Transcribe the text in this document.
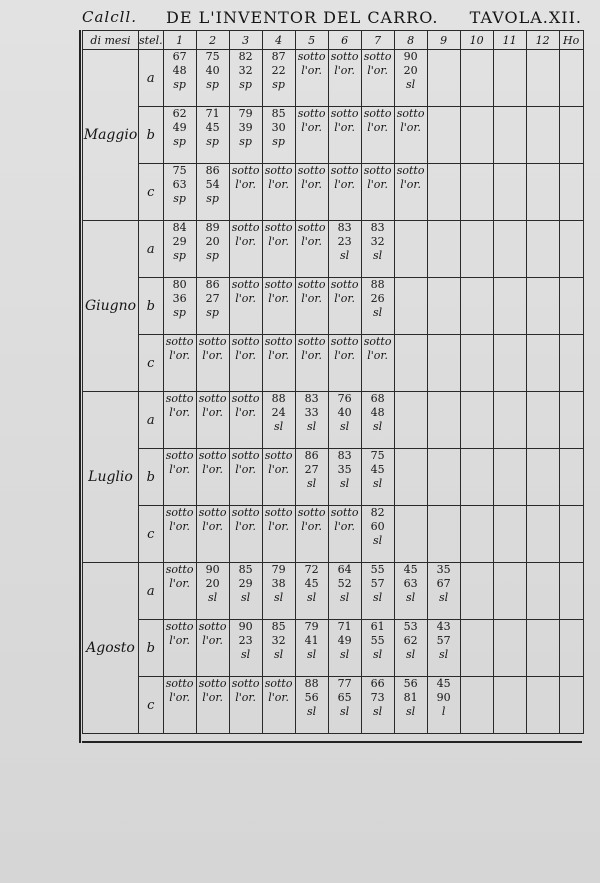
Calcll. DE L'INVENTOR DEL CARRO. TAVOLA.XII.
di mesi	stel.	1	2	3	4	5	6	7	8	9	10	11	12	Ho
Maggio	a	67
48
sp	75
40
sp	82
32
sp	87
22
sp	sotto
l'or.	sotto
l'or.	sotto
l'or.	90
20
sl					

	b	62
49
sp	71
45
sp	79
39
sp	85
30
sp	sotto
l'or.	sotto
l'or.	sotto
l'or.	sotto
l'or.					

	c	75
63
sp	86
54
sp	sotto
l'or.	sotto
l'or.	sotto
l'or.	sotto
l'or.	sotto
l'or.	sotto
l'or.					

Giugno	a	84
29
sp	89
20
sp	sotto
l'or.	sotto
l'or.	sotto
l'or.	83
23
sl	83
32
sl						

	b	80
36
sp	86
27
sp	sotto
l'or.	sotto
l'or.	sotto
l'or.	sotto
l'or.	88
26
sl						

	c	sotto
l'or.	sotto
l'or.	sotto
l'or.	sotto
l'or.	sotto
l'or.	sotto
l'or.	sotto
l'or.						

Luglio	a	sotto
l'or.	sotto
l'or.	sotto
l'or.	88
24
sl	83
33
sl	76
40
sl	68
48
sl						

	b	sotto
l'or.	sotto
l'or.	sotto
l'or.	sotto
l'or.	86
27
sl	83
35
sl	75
45
sl						

	c	sotto
l'or.	sotto
l'or.	sotto
l'or.	sotto
l'or.	sotto
l'or.	sotto
l'or.	82
60
sl						

Agosto	a	sotto
l'or.	90
20
sl	85
29
sl	79
38
sl	72
45
sl	64
52
sl	55
57
sl	45
63
sl	35
67
sl				

	b	sotto
l'or.	sotto
l'or.	90
23
sl	85
32
sl	79
41
sl	71
49
sl	61
55
sl	53
62
sl	43
57
sl				

	c	sotto
l'or.	sotto
l'or.	sotto
l'or.	sotto
l'or.	88
56
sl	77
65
sl	66
73
sl	56
81
sl	45
90
l				
